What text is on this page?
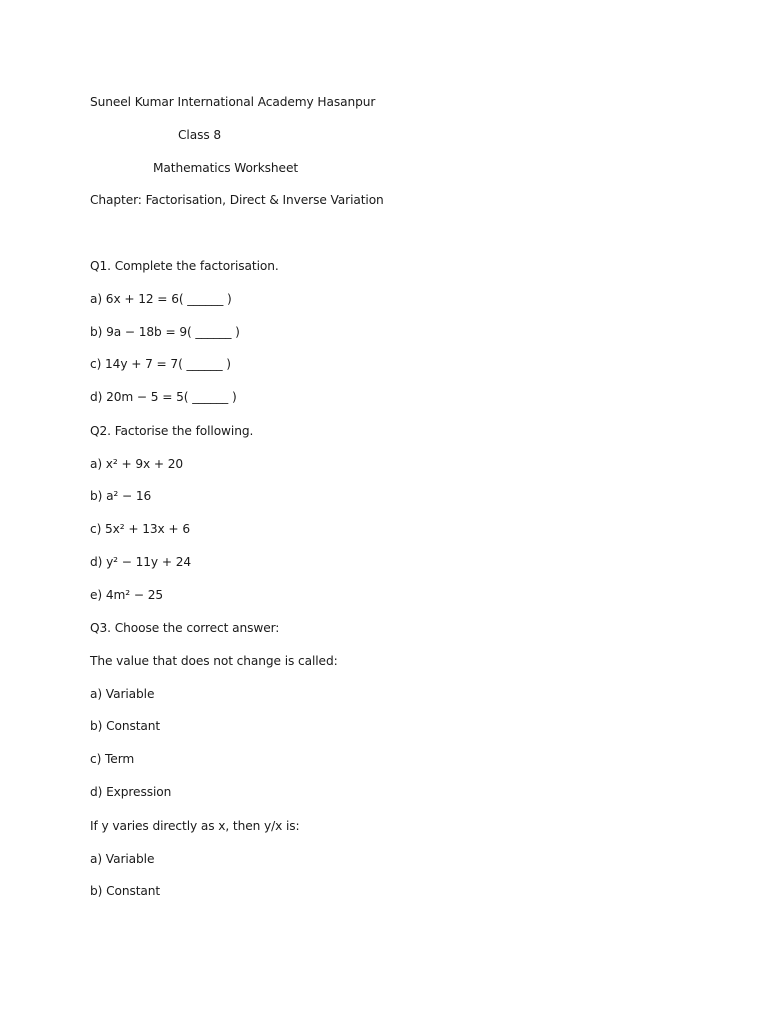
Suneel Kumar International Academy Hasanpur
Class 8
Mathematics Worksheet
Chapter: Factorisation, Direct & Inverse Variation
Q1. Complete the factorisation.
a) 6x + 12 = 6( ______ )
b) 9a − 18b = 9( ______ )
c) 14y + 7 = 7( ______ )
d) 20m − 5 = 5( ______ )
Q2. Factorise the following.
a) x² + 9x + 20
b) a² − 16
c) 5x² + 13x + 6
d) y² − 11y + 24
e) 4m² − 25
Q3. Choose the correct answer:
The value that does not change is called:
a) Variable
b) Constant
c) Term
d) Expression
If y varies directly as x, then y/x is:
a) Variable
b) Constant
